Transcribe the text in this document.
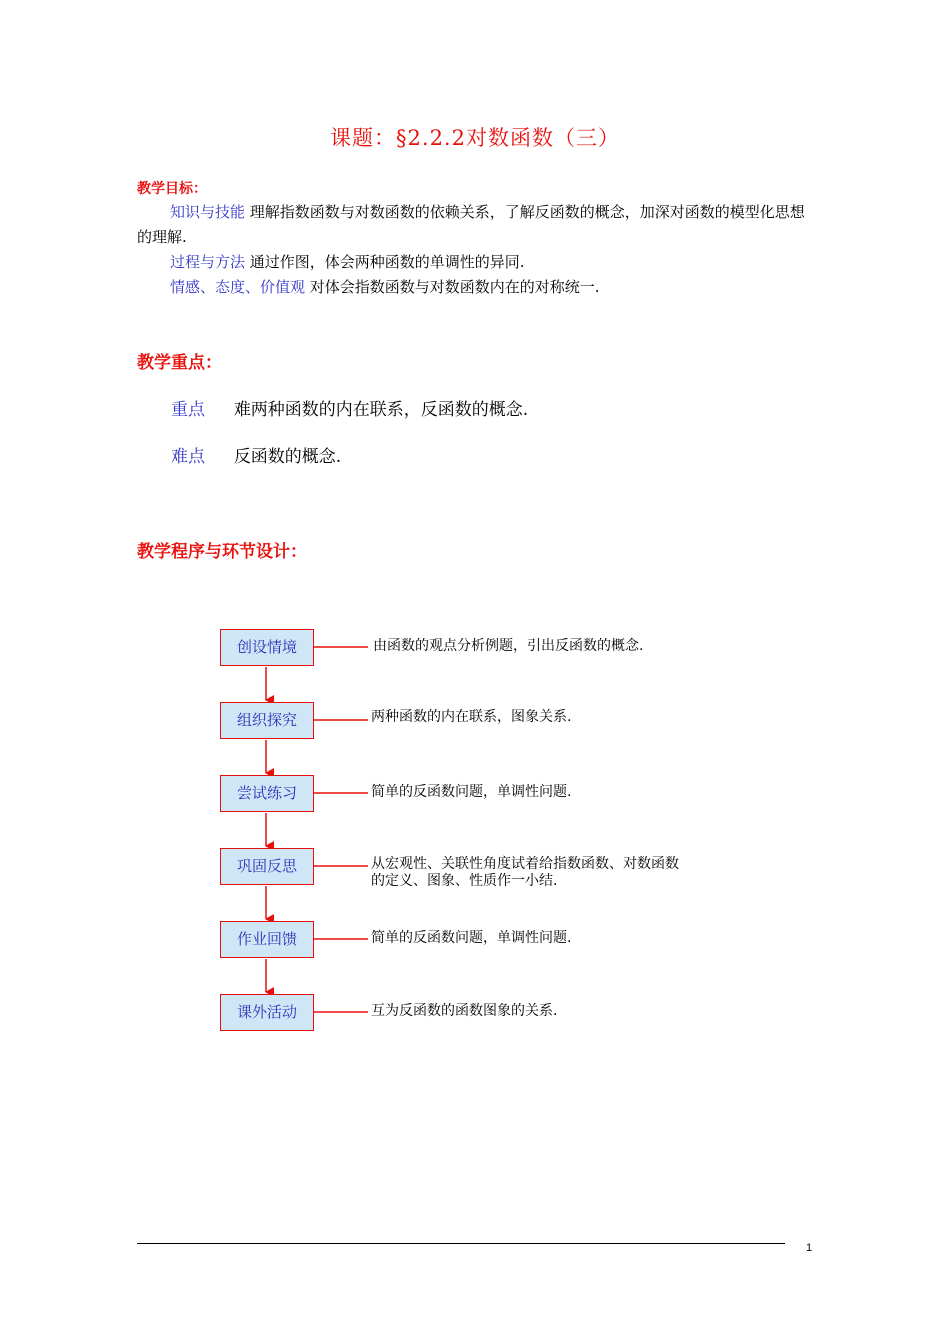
课题：§2.2.2对数函数（三）
教学目标：
知识与技能 理解指数函数与对数函数的依赖关系，了解反函数的概念，加深对函数的模型化思想的理解.
过程与方法 通过作图，体会两种函数的单调性的异同.
情感、态度、价值观 对体会指数函数与对数函数内在的对称统一.
教学重点：
重点 难两种函数的内在联系，反函数的概念.
难点 反函数的概念.
教学程序与环节设计：
创设情境
组织探究
尝试练习
巩固反思
作业回馈
课外活动
由函数的观点分析例题，引出反函数的概念.
两种函数的内在联系，图象关系.
简单的反函数问题，单调性问题.
从宏观性、关联性角度试着给指数函数、对数函数的定义、图象、性质作一小结.
简单的反函数问题，单调性问题.
互为反函数的函数图象的关系.
1
